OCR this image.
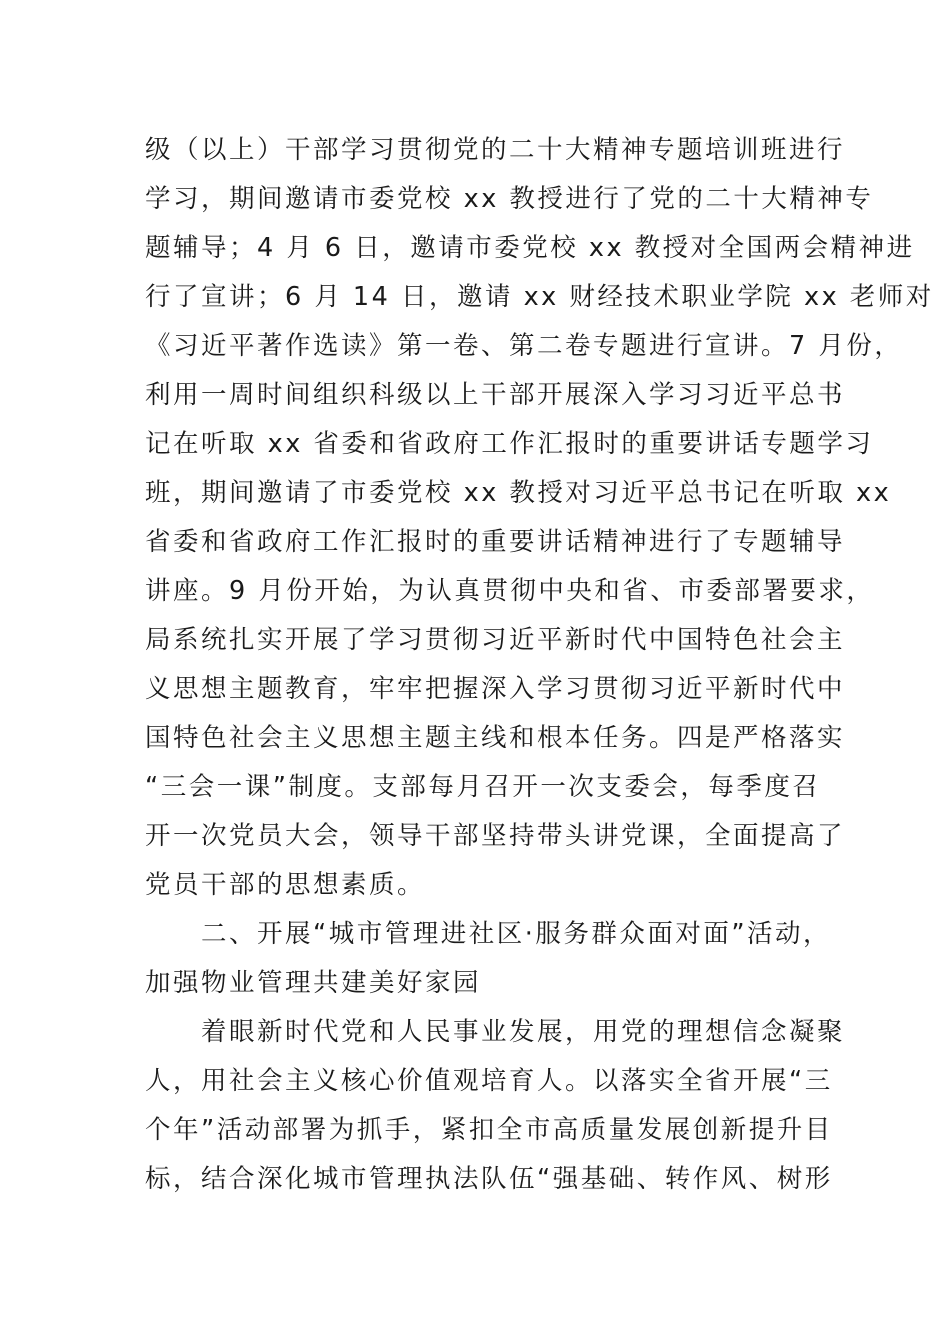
级（以上）干部学习贯彻党的二十大精神专题培训班进行
学习，期间邀请市委党校 xx 教授进行了党的二十大精神专
题辅导；4 月 6 日，邀请市委党校 xx 教授对全国两会精神进
行了宣讲；6 月 14 日，邀请 xx 财经技术职业学院 xx 老师对
《习近平著作选读》第一卷、第二卷专题进行宣讲。7 月份，
利用一周时间组织科级以上干部开展深入学习习近平总书
记在听取 xx 省委和省政府工作汇报时的重要讲话专题学习
班，期间邀请了市委党校 xx 教授对习近平总书记在听取 xx
省委和省政府工作汇报时的重要讲话精神进行了专题辅导
讲座。9 月份开始，为认真贯彻中央和省、市委部署要求，
局系统扎实开展了学习贯彻习近平新时代中国特色社会主
义思想主题教育，牢牢把握深入学习贯彻习近平新时代中
国特色社会主义思想主题主线和根本任务。四是严格落实
“三会一课”制度。支部每月召开一次支委会，每季度召
开一次党员大会，领导干部坚持带头讲党课，全面提高了
党员干部的思想素质。
二、开展“城市管理进社区·服务群众面对面”活动，
加强物业管理共建美好家园
着眼新时代党和人民事业发展，用党的理想信念凝聚
人，用社会主义核心价值观培育人。以落实全省开展“三
个年”活动部署为抓手，紧扣全市高质量发展创新提升目
标，结合深化城市管理执法队伍“强基础、转作风、树形
